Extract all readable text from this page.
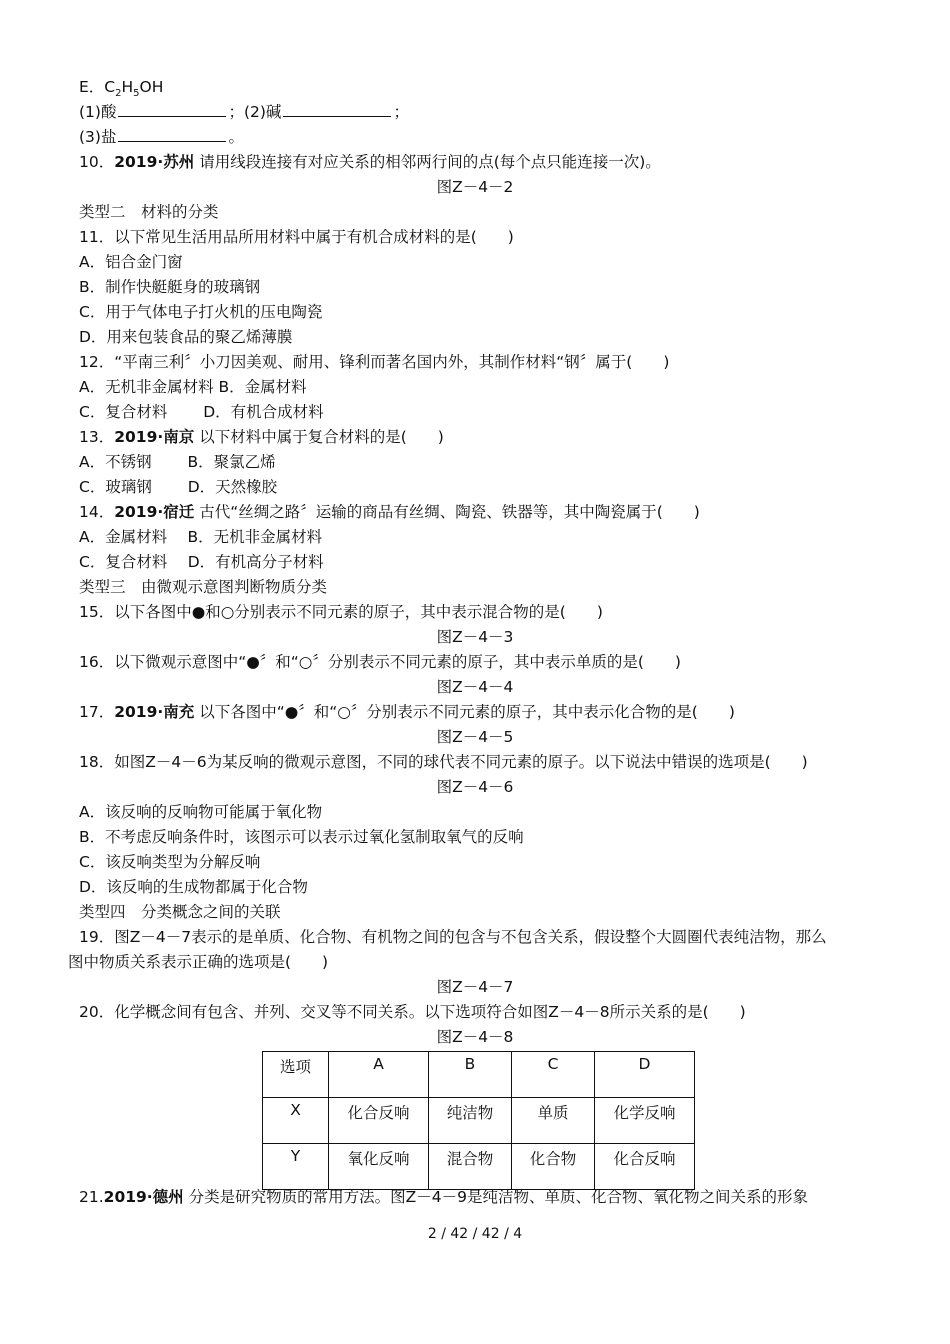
E．$C_2H_5OH$
(1)酸	；(2)碱	；
(3)盐	。
10．2019·苏州 请用线段连接有对应关系的相邻两行间的点(每个点只能连接一次)。
图Z－4－2
类型二　材料的分类
11．以下常见生活用品所用材料中属于有机合成材料的是(　　)
A．铝合金门窗
B．制作快艇艇身的玻璃钢
C．用于气体电子打火机的压电陶瓷
D．用来包装食品的聚乙烯薄膜
12．“平南三利〞小刀因美观、耐用、锋利而著名国内外，其制作材料“钢〞属于(　　)
A．无机非金属材料 B．金属材料
C．复合材料　　 D．有机合成材料
13．2019·南京 以下材料中属于复合材料的是(　　)
A．不锈钢　　 B．聚氯乙烯
C．玻璃钢　　 D．天然橡胶
14．2019·宿迁 古代“丝绸之路〞运输的商品有丝绸、陶瓷、铁器等，其中陶瓷属于(　　)
A．金属材料　 B．无机非金属材料
C．复合材料　 D．有机高分子材料
类型三　由微观示意图判断物质分类
15．以下各图中●和○分别表示不同元素的原子，其中表示混合物的是(　　)
图Z－4－3
16．以下微观示意图中“●〞和“○〞分别表示不同元素的原子，其中表示单质的是(　　)
图Z－4－4
17．2019·南充 以下各图中“●〞和“○〞分别表示不同元素的原子，其中表示化合物的是(　　)
图Z－4－5
18．如图Z－4－6为某反响的微观示意图，不同的球代表不同元素的原子。以下说法中错误的选项是(　　)
图Z－4－6
A．该反响的反响物可能属于氧化物
B．不考虑反响条件时，该图示可以表示过氧化氢制取氧气的反响
C．该反响类型为分解反响
D．该反响的生成物都属于化合物
类型四　分类概念之间的关联
19．图Z－4－7表示的是单质、化合物、有机物之间的包含与不包含关系，假设整个大圆圈代表纯洁物，那么
图中物质关系表示正确的选项是(　　)
图Z－4－7
20．化学概念间有包含、并列、交叉等不同关系。以下选项符合如图Z－4－8所示关系的是(　　)
图Z－4－8
选项	A	B	C	D
X	化合反响	纯洁物	单质	化学反响
Y	氧化反响	混合物	化合物	化合反响
21.2019·德州 分类是研究物质的常用方法。图Z－4－9是纯洁物、单质、化合物、氧化物之间关系的形象
2 / 42 / 42 / 4
